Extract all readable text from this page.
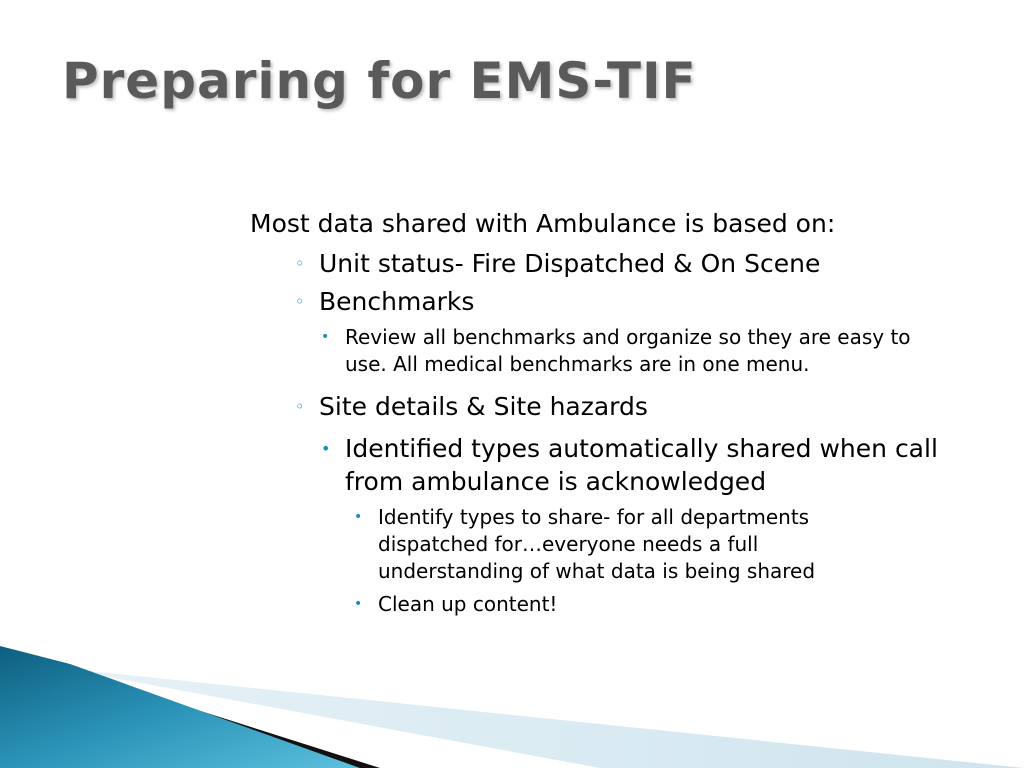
Preparing for EMS-TIF

Most data shared with Ambulance is based on:

◦ Unit status- Fire Dispatched & On Scene
◦ Benchmarks
• Review all benchmarks and organize so they are easy to use. All medical benchmarks are in one menu.
◦ Site details & Site hazards
• Identified types automatically shared when call from ambulance is acknowledged
• Identify types to share- for all departments dispatched for…everyone needs a full understanding of what data is being shared
• Clean up content!
